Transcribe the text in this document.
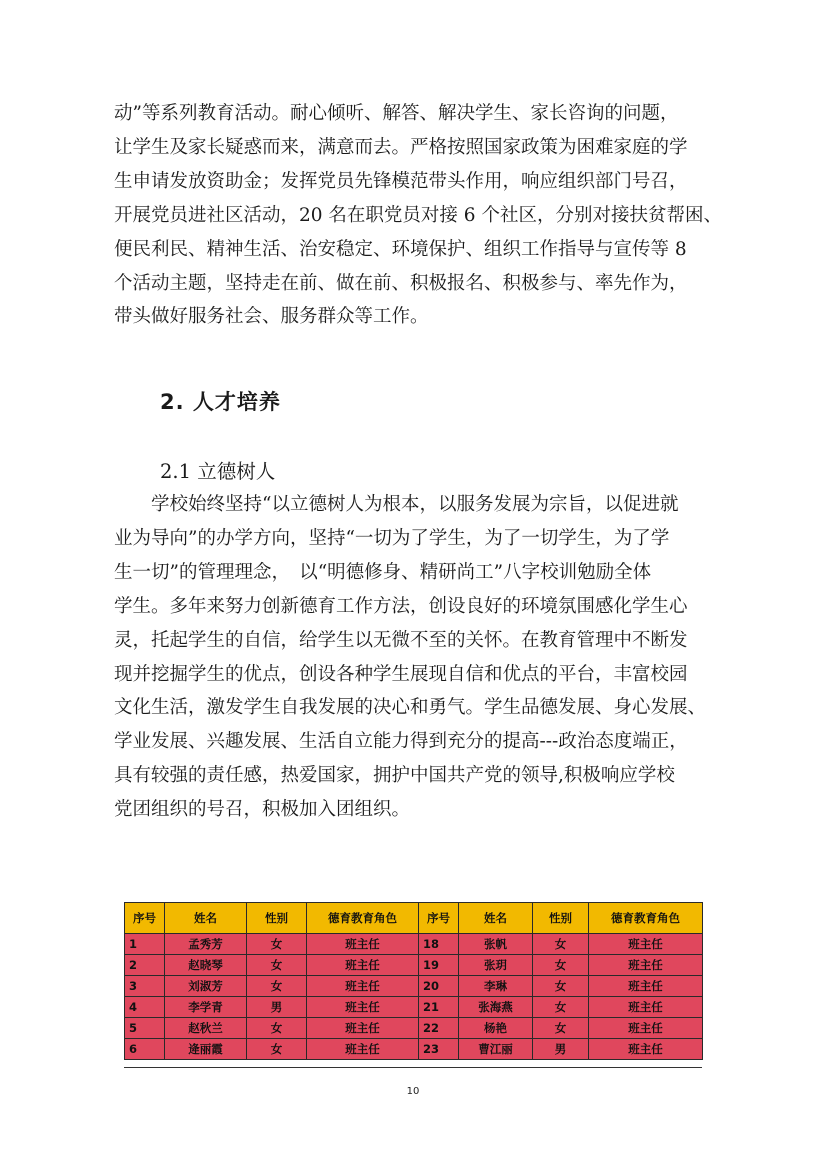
动”等系列教育活动。耐心倾听、解答、解决学生、家长咨询的问题，
让学生及家长疑惑而来，满意而去。严格按照国家政策为困难家庭的学
生申请发放资助金；发挥党员先锋模范带头作用，响应组织部门号召，
开展党员进社区活动，20 名在职党员对接 6 个社区，分别对接扶贫帮困、
便民利民、精神生活、治安稳定、环境保护、组织工作指导与宣传等 8
个活动主题，坚持走在前、做在前、积极报名、积极参与、率先作为，
带头做好服务社会、服务群众等工作。
2. 人才培养
2.1 立德树人
　　学校始终坚持“以立德树人为根本，以服务发展为宗旨，以促进就
业为导向”的办学方向，坚持“一切为了学生，为了一切学生，为了学
生一切”的管理理念，　以“明德修身、精研尚工”八字校训勉励全体
学生。多年来努力创新德育工作方法，创设良好的环境氛围感化学生心
灵，托起学生的自信，给学生以无微不至的关怀。在教育管理中不断发
现并挖掘学生的优点，创设各种学生展现自信和优点的平台，丰富校园
文化生活，激发学生自我发展的决心和勇气。学生品德发展、身心发展、
学业发展、兴趣发展、生活自立能力得到充分的提高---政治态度端正，
具有较强的责任感，热爱国家，拥护中国共产党的领导,积极响应学校
党团组织的号召，积极加入团组织。
序号	姓名	性别	德育教育角色	序号	姓名	性别	德育教育角色
1	孟秀芳	女	班主任	18	张帆	女	班主任
2	赵晓琴	女	班主任	19	张玥	女	班主任
3	刘淑芳	女	班主任	20	李琳	女	班主任
4	李学青	男	班主任	21	张海燕	女	班主任
5	赵秋兰	女	班主任	22	杨艳	女	班主任
6	逄丽霞	女	班主任	23	曹江丽	男	班主任
10
